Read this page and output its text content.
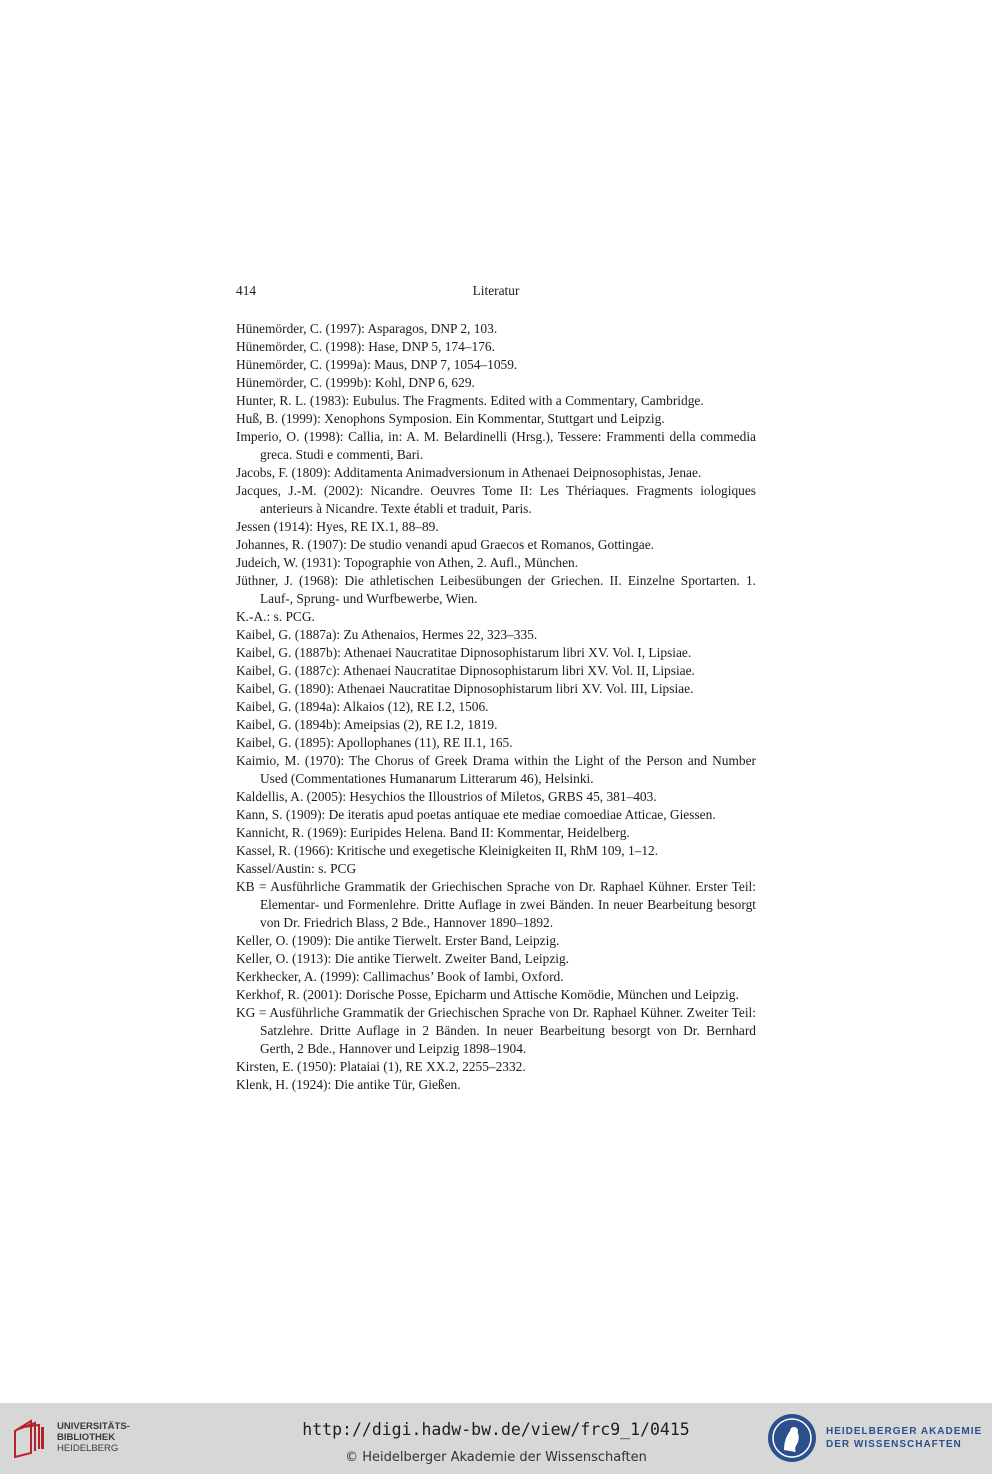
414	Literatur
Hünemörder, C. (1997): Asparagos, DNP 2, 103.
Hünemörder, C. (1998): Hase, DNP 5, 174–176.
Hünemörder, C. (1999a): Maus, DNP 7, 1054–1059.
Hünemörder, C. (1999b): Kohl, DNP 6, 629.
Hunter, R. L. (1983): Eubulus. The Fragments. Edited with a Commentary, Cambridge.
Huß, B. (1999): Xenophons Symposion. Ein Kommentar, Stuttgart und Leipzig.
Imperio, O. (1998): Callia, in: A. M. Belardinelli (Hrsg.), Tessere: Frammenti della commedia greca. Studi e commenti, Bari.
Jacobs, F. (1809): Additamenta Animadversionum in Athenaei Deipnosophistas, Jenae.
Jacques, J.-M. (2002): Nicandre. Oeuvres Tome II: Les Thériaques. Fragments iologiques anterieurs à Nicandre. Texte établi et traduit, Paris.
Jessen (1914): Hyes, RE IX.1, 88–89.
Johannes, R. (1907): De studio venandi apud Graecos et Romanos, Gottingae.
Judeich, W. (1931): Topographie von Athen, 2. Aufl., München.
Jüthner, J. (1968): Die athletischen Leibesübungen der Griechen. II. Einzelne Sportarten. 1. Lauf-, Sprung- und Wurfbewerbe, Wien.
K.-A.: s. PCG.
Kaibel, G. (1887a): Zu Athenaios, Hermes 22, 323–335.
Kaibel, G. (1887b): Athenaei Naucratitae Dipnosophistarum libri XV. Vol. I, Lipsiae.
Kaibel, G. (1887c): Athenaei Naucratitae Dipnosophistarum libri XV. Vol. II, Lipsiae.
Kaibel, G. (1890): Athenaei Naucratitae Dipnosophistarum libri XV. Vol. III, Lipsiae.
Kaibel, G. (1894a): Alkaios (12), RE I.2, 1506.
Kaibel, G. (1894b): Ameipsias (2), RE I.2, 1819.
Kaibel, G. (1895): Apollophanes (11), RE II.1, 165.
Kaimio, M. (1970): The Chorus of Greek Drama within the Light of the Person and Number Used (Commentationes Humanarum Litterarum 46), Helsinki.
Kaldellis, A. (2005): Hesychios the Illoustrios of Miletos, GRBS 45, 381–403.
Kann, S. (1909): De iteratis apud poetas antiquae ete mediae comoediae Atticae, Giessen.
Kannicht, R. (1969): Euripides Helena. Band II: Kommentar, Heidelberg.
Kassel, R. (1966): Kritische und exegetische Kleinigkeiten II, RhM 109, 1–12.
Kassel/Austin: s. PCG
KB = Ausführliche Grammatik der Griechischen Sprache von Dr. Raphael Kühner. Erster Teil: Elementar- und Formenlehre. Dritte Auflage in zwei Bänden. In neuer Bearbeitung besorgt von Dr. Friedrich Blass, 2 Bde., Hannover 1890–1892.
Keller, O. (1909): Die antike Tierwelt. Erster Band, Leipzig.
Keller, O. (1913): Die antike Tierwelt. Zweiter Band, Leipzig.
Kerkhecker, A. (1999): Callimachus’ Book of Iambi, Oxford.
Kerkhof, R. (2001): Dorische Posse, Epicharm und Attische Komödie, München und Leipzig.
KG = Ausführliche Grammatik der Griechischen Sprache von Dr. Raphael Kühner. Zweiter Teil: Satzlehre. Dritte Auflage in 2 Bänden. In neuer Bearbeitung besorgt von Dr. Bernhard Gerth, 2 Bde., Hannover und Leipzig 1898–1904.
Kirsten, E. (1950): Plataiai (1), RE XX.2, 2255–2332.
Klenk, H. (1924): Die antike Tür, Gießen.
UNIVERSITÄTS-
BIBLIOTHEK
HEIDELBERG
http://digi.hadw-bw.de/view/frc9_1/0415
© Heidelberger Akademie der Wissenschaften
HEIDELBERGER AKADEMIE
DER WISSENSCHAFTEN
